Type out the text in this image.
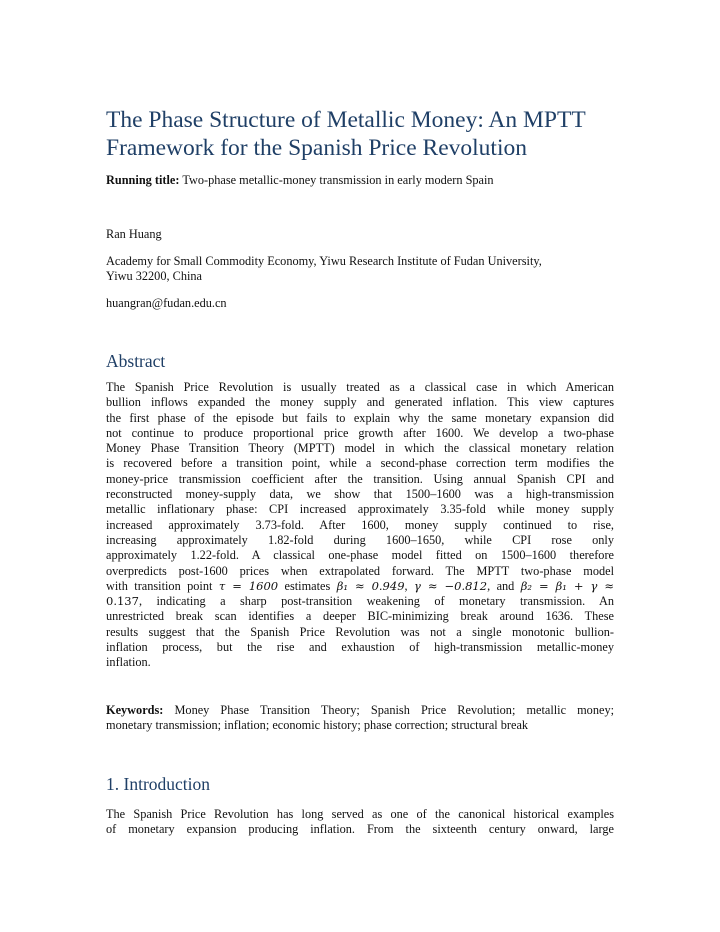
The Phase Structure of Metallic Money: An MPTT
Framework for the Spanish Price Revolution
Running title: Two-phase metallic-money transmission in early modern Spain
Ran Huang
Academy for Small Commodity Economy, Yiwu Research Institute of Fudan University,
Yiwu 32200, China
huangran@fudan.edu.cn
Abstract
The Spanish Price Revolution is usually treated as a classical case in which American
bullion inflows expanded the money supply and generated inflation. This view captures
the first phase of the episode but fails to explain why the same monetary expansion did
not continue to produce proportional price growth after 1600. We develop a two-phase
Money Phase Transition Theory (MPTT) model in which the classical monetary relation
is recovered before a transition point, while a second-phase correction term modifies the
money-price transmission coefficient after the transition. Using annual Spanish CPI and
reconstructed money-supply data, we show that 1500–1600 was a high-transmission
metallic inflationary phase: CPI increased approximately 3.35-fold while money supply
increased approximately 3.73-fold. After 1600, money supply continued to rise,
increasing approximately 1.82-fold during 1600–1650, while CPI rose only
approximately 1.22-fold. A classical one-phase model fitted on 1500–1600 therefore
overpredicts post-1600 prices when extrapolated forward. The MPTT two-phase model
with transition point τ = 1600 estimates β₁ ≈ 0.949, γ ≈ −0.812, and β₂ = β₁ + γ ≈
0.137, indicating a sharp post-transition weakening of monetary transmission. An
unrestricted break scan identifies a deeper BIC-minimizing break around 1636. These
results suggest that the Spanish Price Revolution was not a single monotonic bullion-
inflation process, but the rise and exhaustion of high-transmission metallic-money
inflation.
Keywords: Money Phase Transition Theory; Spanish Price Revolution; metallic money;
monetary transmission; inflation; economic history; phase correction; structural break
1. Introduction
The Spanish Price Revolution has long served as one of the canonical historical examples
of monetary expansion producing inflation. From the sixteenth century onward, large
